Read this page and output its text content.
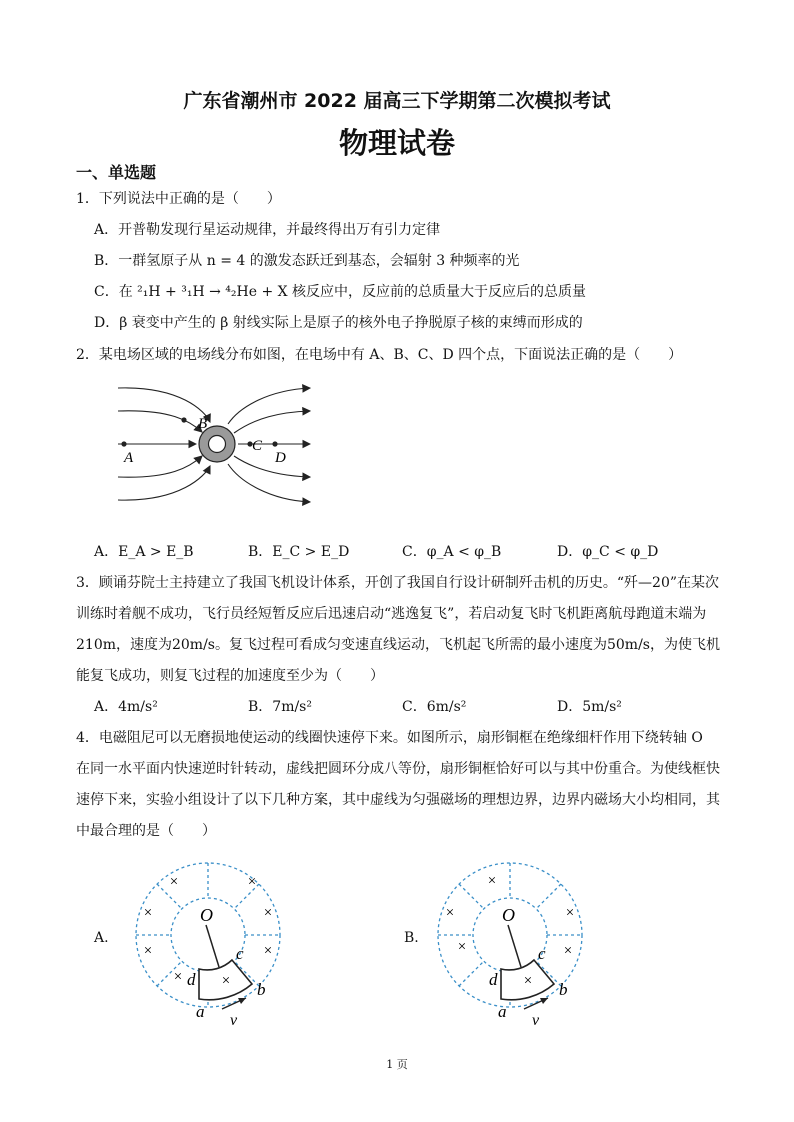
广东省潮州市 2022 届高三下学期第二次模拟考试
物理试卷
一、单选题
1．下列说法中正确的是（　　）
A．开普勒发现行星运动规律，并最终得出万有引力定律
B．一群氢原子从 n = 4 的激发态跃迁到基态，会辐射 3 种频率的光
C．在 ²₁H + ³₁H → ⁴₂He + X 核反应中，反应前的总质量大于反应后的总质量
D．β 衰变中产生的 β 射线实际上是原子的核外电子挣脱原子核的束缚而形成的
2．某电场区域的电场线分布如图，在电场中有 A、B、C、D 四个点，下面说法正确的是（　　）
A
B
C
D
A．E_A > E_B	B．E_C > E_D	C．φ_A < φ_B	D．φ_C < φ_D
3．顾诵芬院士主持建立了我国飞机设计体系，开创了我国自行设计研制歼击机的历史。“歼—20”在某次训练时着舰不成功，飞行员经短暂反应后迅速启动“逃逸复飞”，若启动复飞时飞机距离航母跑道末端为210m，速度为20m/s。复飞过程可看成匀变速直线运动，飞机起飞所需的最小速度为50m/s，为使飞机能复飞成功，则复飞过程的加速度至少为（　　）
A．4m/s²	B．7m/s²	C．6m/s²	D．5m/s²
4．电磁阻尼可以无磨损地使运动的线圈快速停下来。如图所示，扇形铜框在绝缘细杆作用下绕转轴 O 在同一水平面内快速逆时针转动，虚线把圆环分成八等份，扇形铜框恰好可以与其中份重合。为使线框快速停下来，实验小组设计了以下几种方案，其中虚线为匀强磁场的理想边界，边界内磁场大小均相同，其中最合理的是（　　）
A.	B.
×
×
×
×
×	×
×	×
O
a
b
c
d
v
×
×	×
×	×
×
O
a
b
c
d
v
1 页
